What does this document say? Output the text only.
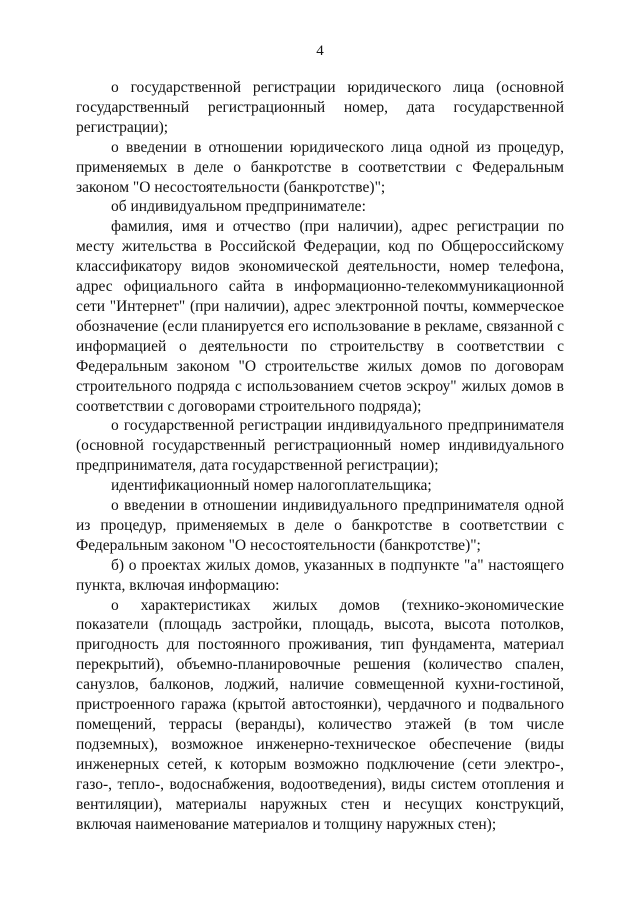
4

о государственной регистрации юридического лица (основной государственный регистрационный номер, дата государственной регистрации);

о введении в отношении юридического лица одной из процедур, применяемых в деле о банкротстве в соответствии с Федеральным законом "О несостоятельности (банкротстве)";

об индивидуальном предпринимателе:

фамилия, имя и отчество (при наличии), адрес регистрации по месту жительства в Российской Федерации, код по Общероссийскому классификатору видов экономической деятельности, номер телефона, адрес официального сайта в информационно-телекоммуникационной сети "Интернет" (при наличии), адрес электронной почты, коммерческое обозначение (если планируется его использование в рекламе, связанной с информацией о деятельности по строительству в соответствии с Федеральным законом "О строительстве жилых домов по договорам строительного подряда с использованием счетов эскроу" жилых домов в соответствии с договорами строительного подряда);

о государственной регистрации индивидуального предпринимателя (основной государственный регистрационный номер индивидуального предпринимателя, дата государственной регистрации);

идентификационный номер налогоплательщика;

о введении в отношении индивидуального предпринимателя одной из процедур, применяемых в деле о банкротстве в соответствии с Федеральным законом "О несостоятельности (банкротстве)";

б) о проектах жилых домов, указанных в подпункте "а" настоящего пункта, включая информацию:

о характеристиках жилых домов (технико-экономические показатели (площадь застройки, площадь, высота, высота потолков, пригодность для постоянного проживания, тип фундамента, материал перекрытий), объемно-планировочные решения (количество спален, санузлов, балконов, лоджий, наличие совмещенной кухни-гостиной, пристроенного гаража (крытой автостоянки), чердачного и подвального помещений, террасы (веранды), количество этажей (в том числе подземных), возможное инженерно-техническое обеспечение (виды инженерных сетей, к которым возможно подключение (сети электро-, газо-, тепло-, водоснабжения, водоотведения), виды систем отопления и вентиляции), материалы наружных стен и несущих конструкций, включая наименование материалов и толщину наружных стен);
